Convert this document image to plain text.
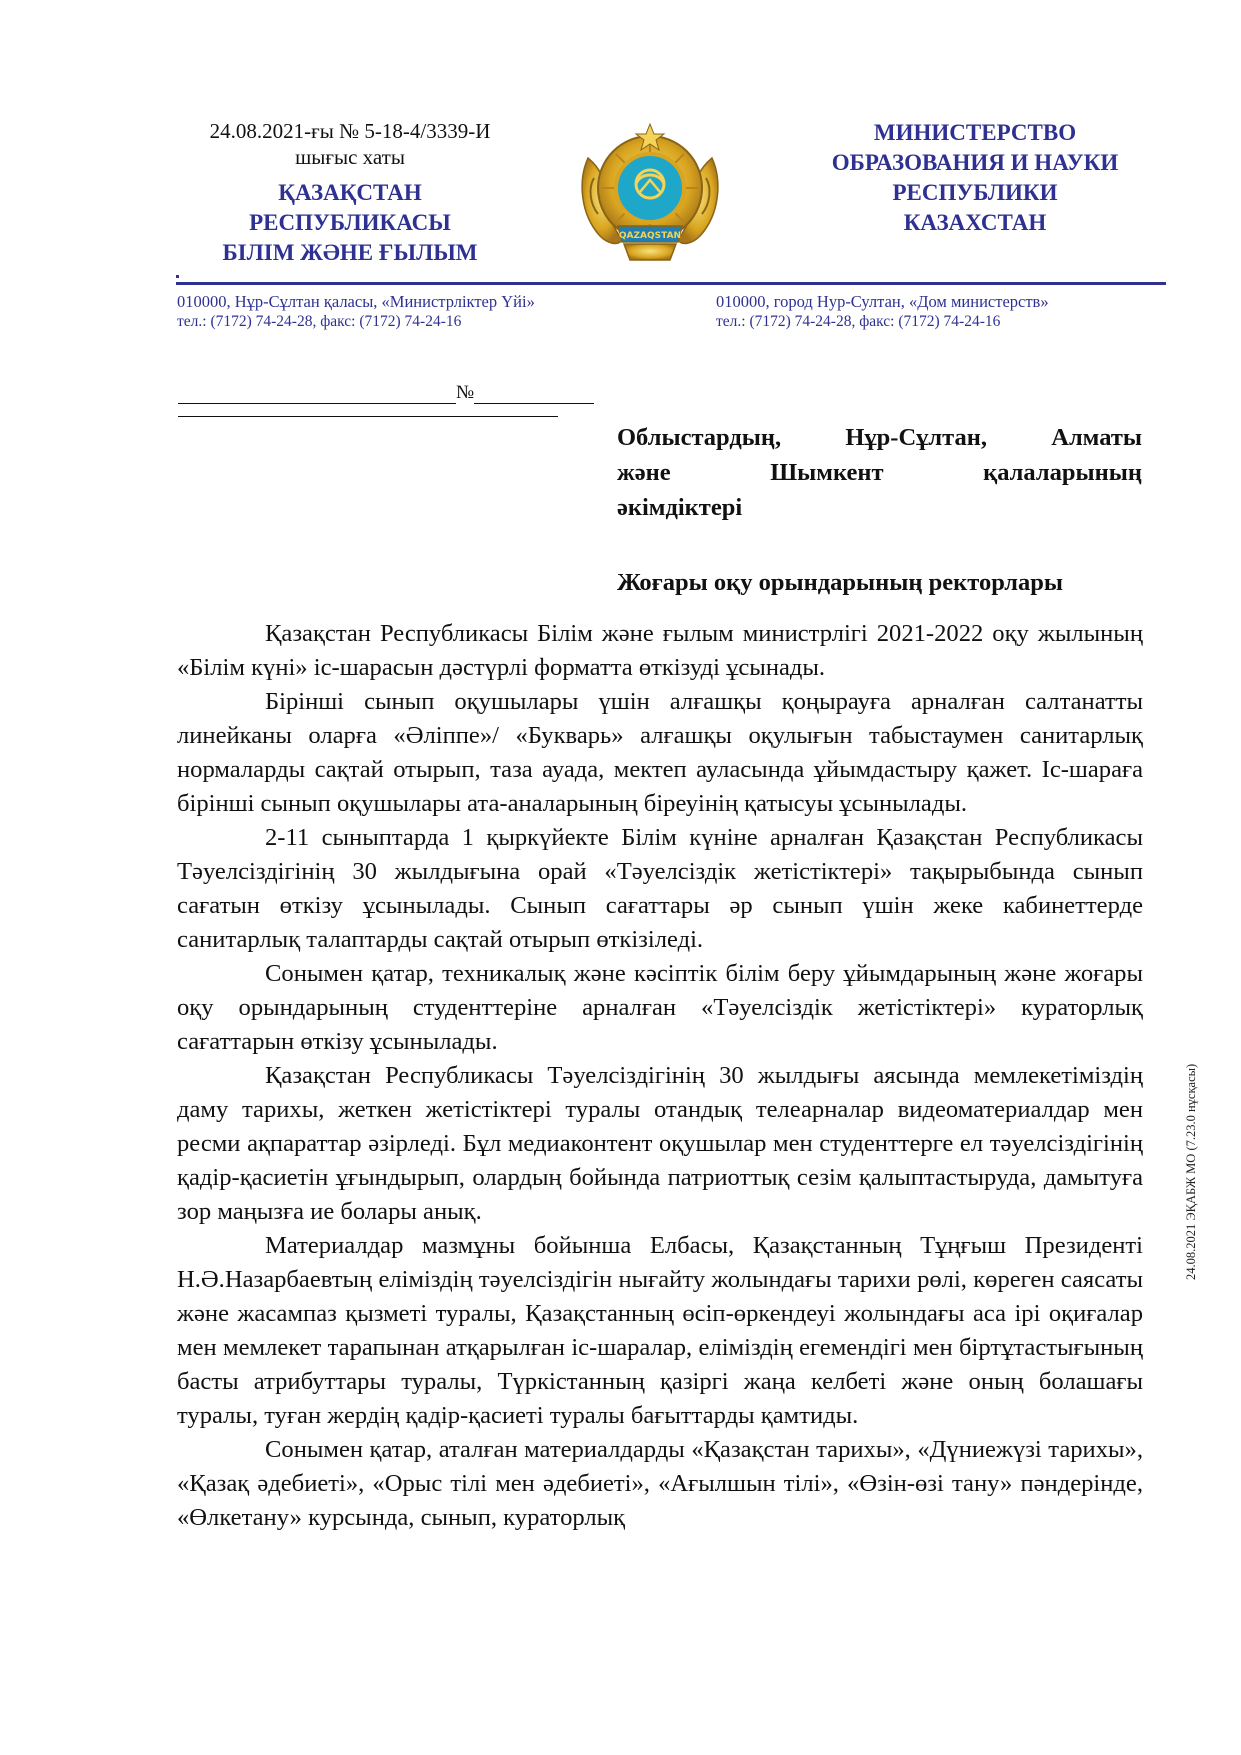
24.08.2021-ғы № 5-18-4/3339-И
шығыс хаты
ҚАЗАҚСТАН
РЕСПУБЛИКАСЫ
БІЛІМ ЖӘНЕ ҒЫЛЫМ
QAZAQSTAN
МИНИСТЕРСТВО
ОБРАЗОВАНИЯ И НАУКИ
РЕСПУБЛИКИ
КАЗАХСТАН
010000, Нұр-Сұлтан қаласы, «Министрліктер Үйі»
тел.: (7172) 74-24-28, факс: (7172) 74-24-16
010000, город Нур-Султан, «Дом министерств»
тел.: (7172) 74-24-28, факс: (7172) 74-24-16
№

Облыстардың, Нұр-Сұлтан, Алматы
және Шымкент қалаларының
әкімдіктері

Жоғары оқу орындарының ректорлары

Қазақстан Республикасы Білім және ғылым министрлігі 2021-2022 оқу жылының «Білім күні» іс-шарасын дәстүрлі форматта өткізуді ұсынады.

Бірінші сынып оқушылары үшін алғашқы қоңырауға арналған салтанатты линейканы оларға «Әліппе»/ «Букварь» алғашқы оқулығын табыстаумен санитарлық нормаларды сақтай отырып, таза ауада, мектеп ауласында ұйымдастыру қажет. Іс-шараға бірінші сынып оқушылары ата-аналарының біреуінің қатысуы ұсынылады.

2-11 сыныптарда 1 қыркүйекте Білім күніне арналған Қазақстан Республикасы Тәуелсіздігінің 30 жылдығына орай «Тәуелсіздік жетістіктері» тақырыбында сынып сағатын өткізу ұсынылады. Сынып сағаттары әр сынып үшін жеке кабинеттерде санитарлық талаптарды сақтай отырып өткізіледі.

Сонымен қатар, техникалық және кәсіптік білім беру ұйымдарының және жоғары оқу орындарының студенттеріне арналған «Тәуелсіздік жетістіктері» кураторлық сағаттарын өткізу ұсынылады.

Қазақстан Республикасы Тәуелсіздігінің 30 жылдығы аясында мемлекетіміздің даму тарихы, жеткен жетістіктері туралы отандық телеарналар видеоматериалдар мен ресми ақпараттар әзірледі. Бұл медиаконтент оқушылар мен студенттерге ел тәуелсіздігінің қадір-қасиетін ұғындырып, олардың бойында патриоттық сезім қалыптастыруда, дамытуға зор маңызға ие болары анық.

Материалдар мазмұны бойынша Елбасы, Қазақстанның Тұңғыш Президенті Н.Ә.Назарбаевтың еліміздің тәуелсіздігін нығайту жолындағы тарихи рөлі, көреген саясаты және жасампаз қызметі туралы, Қазақстанның өсіп-өркендеуі жолындағы аса ірі оқиғалар мен мемлекет тарапынан атқарылған іс-шаралар, еліміздің егемендігі мен біртұтастығының басты атрибуттары туралы, Түркістанның қазіргі жаңа келбеті және оның болашағы туралы, туған жердің қадір-қасиеті туралы бағыттарды қамтиды.

Сонымен қатар, аталған материалдарды «Қазақстан тарихы», «Дүниежүзі тарихы», «Қазақ әдебиеті», «Орыс тілі мен әдебиеті», «Ағылшын тілі», «Өзін-өзі тану» пәндерінде, «Өлкетану» курсында, сынып, кураторлық

24.08.2021 ЭҚАБЖ МО (7.23.0 нұсқасы)
